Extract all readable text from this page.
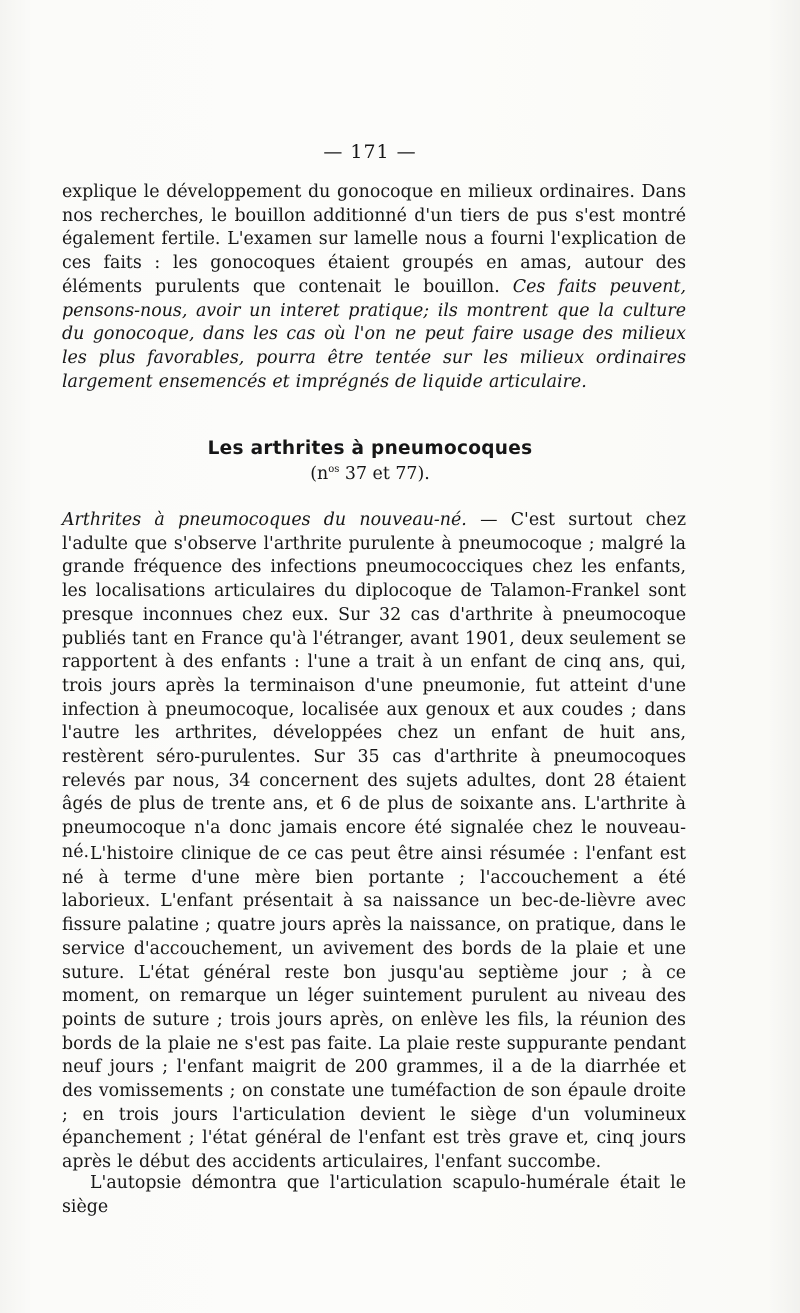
— 171 —
explique le développement du gonocoque en milieux ordinaires. Dans nos recherches, le bouillon additionné d'un tiers de pus s'est montré également fertile. L'examen sur lamelle nous a fourni l'explication de ces faits : les gonocoques étaient groupés en amas, autour des éléments purulents que contenait le bouillon. Ces faits peuvent, pensons-nous, avoir un interet pratique; ils montrent que la culture du gonocoque, dans les cas où l'on ne peut faire usage des milieux les plus favorables, pourra être tentée sur les milieux ordinaires largement ensemencés et imprégnés de liquide articulaire.
Les arthrites à pneumocoques
($n^{os}$ 37 et 77).
Arthrites à pneumocoques du nouveau-né. — C'est surtout chez l'adulte que s'observe l'arthrite purulente à pneumocoque ; malgré la grande fréquence des infections pneumococciques chez les enfants, les localisations articulaires du diplocoque de Talamon-Frankel sont presque inconnues chez eux. Sur 32 cas d'arthrite à pneumocoque publiés tant en France qu'à l'étranger, avant 1901, deux seulement se rapportent à des enfants : l'une a trait à un enfant de cinq ans, qui, trois jours après la terminaison d'une pneumonie, fut atteint d'une infection à pneumocoque, localisée aux genoux et aux coudes ; dans l'autre les arthrites, développées chez un enfant de huit ans, restèrent séro-purulentes. Sur 35 cas d'arthrite à pneumocoques relevés par nous, 34 concernent des sujets adultes, dont 28 étaient âgés de plus de trente ans, et 6 de plus de soixante ans. L'arthrite à pneumocoque n'a donc jamais encore été signalée chez le nouveau-né. L'histoire clinique de ce cas peut être ainsi résumée : l'enfant est né à terme d'une mère bien portante ; l'accouchement a été laborieux. L'enfant présentait à sa naissance un bec-de-lièvre avec fissure palatine ; quatre jours après la naissance, on pratique, dans le service d'accouchement, un avivement des bords de la plaie et une suture. L'état général reste bon jusqu'au septième jour ; à ce moment, on remarque un léger suintement purulent au niveau des points de suture ; trois jours après, on enlève les fils, la réunion des bords de la plaie ne s'est pas faite. La plaie reste suppurante pendant neuf jours ; l'enfant maigrit de 200 grammes, il a de la diarrhée et des vomissements ; on constate une tuméfaction de son épaule droite ; en trois jours l'articulation devient le siège d'un volumineux épanchement ; l'état général de l'enfant est très grave et, cinq jours après le début des accidents articulaires, l'enfant succombe.
L'autopsie démontra que l'articulation scapulo-humérale était le siège
